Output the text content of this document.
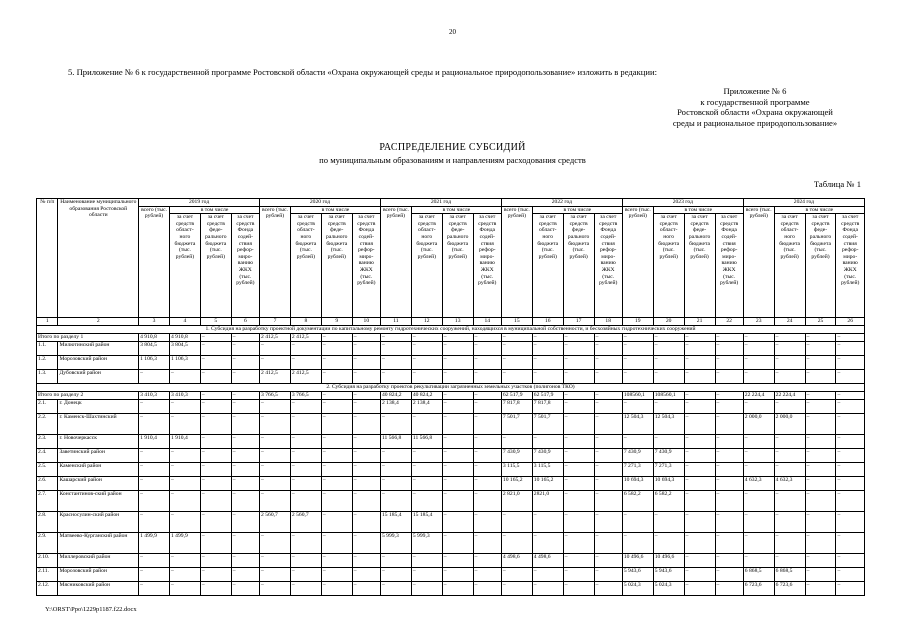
20
5. Приложение № 6 к государственной программе Ростовской области «Охрана окружающей среды и рациональное природопользование» изложить в редакции:
Приложение № 6
к государственной программе
Ростовской области «Охрана окружающей
среды и рациональное природопользование»
РАСПРЕДЕЛЕНИЕ СУБСИДИЙ
по муниципальным образованиям и направлениям расходования средств
Таблица № 1
№ п/п	Наименование муниципального образования Ростовской области	2019 год				2020 год				2021 год				2022 год				2023 год				2024 год			
		всего (тыс. рублей)	в том числе			всего (тыс. рублей)	в том числе			всего (тыс. рублей)	в том числе			всего (тыс. рублей)	в том числе			всего (тыс. рублей)	в том числе			всего (тыс. рублей)	в том числе		
			за счет средств област- ного бюджета (тыс. рублей)	за счет средств феде- рального бюджета (тыс. рублей)	за счет средств Фонда содей- ствия рефор- миро- ванию ЖКХ (тыс. рублей)		за счет средств област- ного бюджета (тыс. рублей)	за счет средств феде- рального бюджета (тыс. рублей)	за счет средств Фонда содей- ствия рефор- миро- ванию ЖКХ (тыс. рублей)		за счет средств област- ного бюджета (тыс. рублей)	за счет средств феде- рального бюджета (тыс. рублей)	за счет средств Фонда содей- ствия рефор- миро- ванию ЖКХ (тыс. рублей)		за счет средств област- ного бюджета (тыс. рублей)	за счет средств феде- рального бюджета (тыс. рублей)	за счет средств Фонда содей- ствия рефор- миро- ванию ЖКХ (тыс. рублей)		за счет средств област- ного бюджета (тыс. рублей)	за счет средств феде- рального бюджета (тыс. рублей)	за счет средств Фонда содей- ствия рефор- миро- ванию ЖКХ (тыс. рублей)		за счет средств област- ного бюджета (тыс. рублей)	за счет средств феде- рального бюджета (тыс. рублей)	за счет средств Фонда содей- ствия рефор- миро- ванию ЖКХ (тыс. рублей)
1	2	3	4	5	6	7	8	9	10	11	12	13	14	15	16	17	18	19	20	21	22	23	24	25	26
1. Субсидия на разработку проектной документации по капитальному ремонту гидротехнических сооружений, находящихся в муниципальной собственности, и бесхозяйных гидротехнических сооружений																									
Итого по разделу 1		4 910,8	4 910,8	–	–	2 412,5	2 412,5	–	–	–	–	–	–	–	–	–	–	–	–	–	–	–	–	–	–
1.1.	Милютинский район	3 804,5	3 804,5	–	–	–	–	–	–	–	–	–	–	–	–	–	–	–	–	–	–	–	–	–	–
1.2.	Морозовский район	1 106,3	1 106,3	–	–	–	–	–	–	–	–	–	–	–	–	–	–	–	–	–	–	–	–	–	–
1.3.	Дубовский район	–	–	–	–	2 412,5	2 412,5	–	–	–	–	–	–	–	–	–	–	–	–	–	–	–	–	–	–
2. Субсидия на разработку проектов рекультивации загрязненных земельных участков (полигонов ТКО)																									
Итого по разделу 2		3 410,3	3 410,3	–	–	3 766,5	3 766,5	–	–	40 824,2	40 824,2	–	–	62 517,9	62 517,9	–	–	108560,1	108560,1	–	–	22 224,4	22 224,4	–	–
2.1.	г. Донецк	–	–	–	–	–	–	–	–	2 138,4	2 138,4	–	–	7 817,8	7 817,8	–	–	–	–	–	–	–	–	–	–
2.2.	г. Каменск-Шахтинский	–	–	–	–	–	–	–	–	–	–	–	–	7 501,7	7 501,7	–	–	12 504,3	12 504,3	–	–	2 000,0	2 000,0	–	–
2.3.	г. Новочеркасск	1 910,4	1 910,4	–	–	–	–	–	–	11 566,8	11 566,8	–	–	–	–	–	–	–	–	–	–	–	–	–	–
2.4.	Заветинский район	–	–	–	–	–	–	–	–	–	–	–	–	7 430,9	7 430,9	–	–	7 430,9	7 430,9	–	–	–	–	–	–
2.5.	Каменский район	–	–	–	–	–	–	–	–	–	–	–	–	3 115,5	3 115,5	–	–	7 271,3	7 271,3	–	–	–	–	–	–
2.6.	Кашарский район	–	–	–	–	–	–	–	–	–	–	–	–	10 165,2	10 165,2	–	–	10 694,3	10 694,3	–	–	4 632,3	4 632,3	–	–
2.7.	Константинов-ский район	–	–	–	–	–	–	–	–	–	–	–	–	2 821,0	2821,0	–	–	6 582,2	6 582,2	–	–	–	–	–	–
2.8.	Красносулин-ский район	–	–	–	–	2 560,7	2 560,7	–	–	15 185,4	15 185,4	–	–	–	–	–	–	–	–	–	–	–	–	–	–
2.9.	Матвеево-Курганский район	1 499,9	1 499,9	–	–	–	–	–	–	5 999,3	5 999,3	–	–	–	–	–	–	–	–	–	–	–	–	–	–
2.10.	Миллеровский район	–	–	–	–	–	–	–	–	–	–	–	–	4 498,6	4 498,6	–	–	10 496,6	10 496,6	–	–	–	–	–	–
2.11.	Морозовский район	–	–	–	–	–	–	–	–	–	–	–	–	–	–	–	–	5 943,6	5 943,6	–	–	6 868,5	6 868,5	–	–
2.12.	Мясниковский район	–	–	–	–	–	–	–	–	–	–	–	–	–	–	–	–	5 024,3	5 024,3	–	–	6 723,6	6 723,6	–	–
Y:\ORST\Ppo\1229p1187.f22.docx
